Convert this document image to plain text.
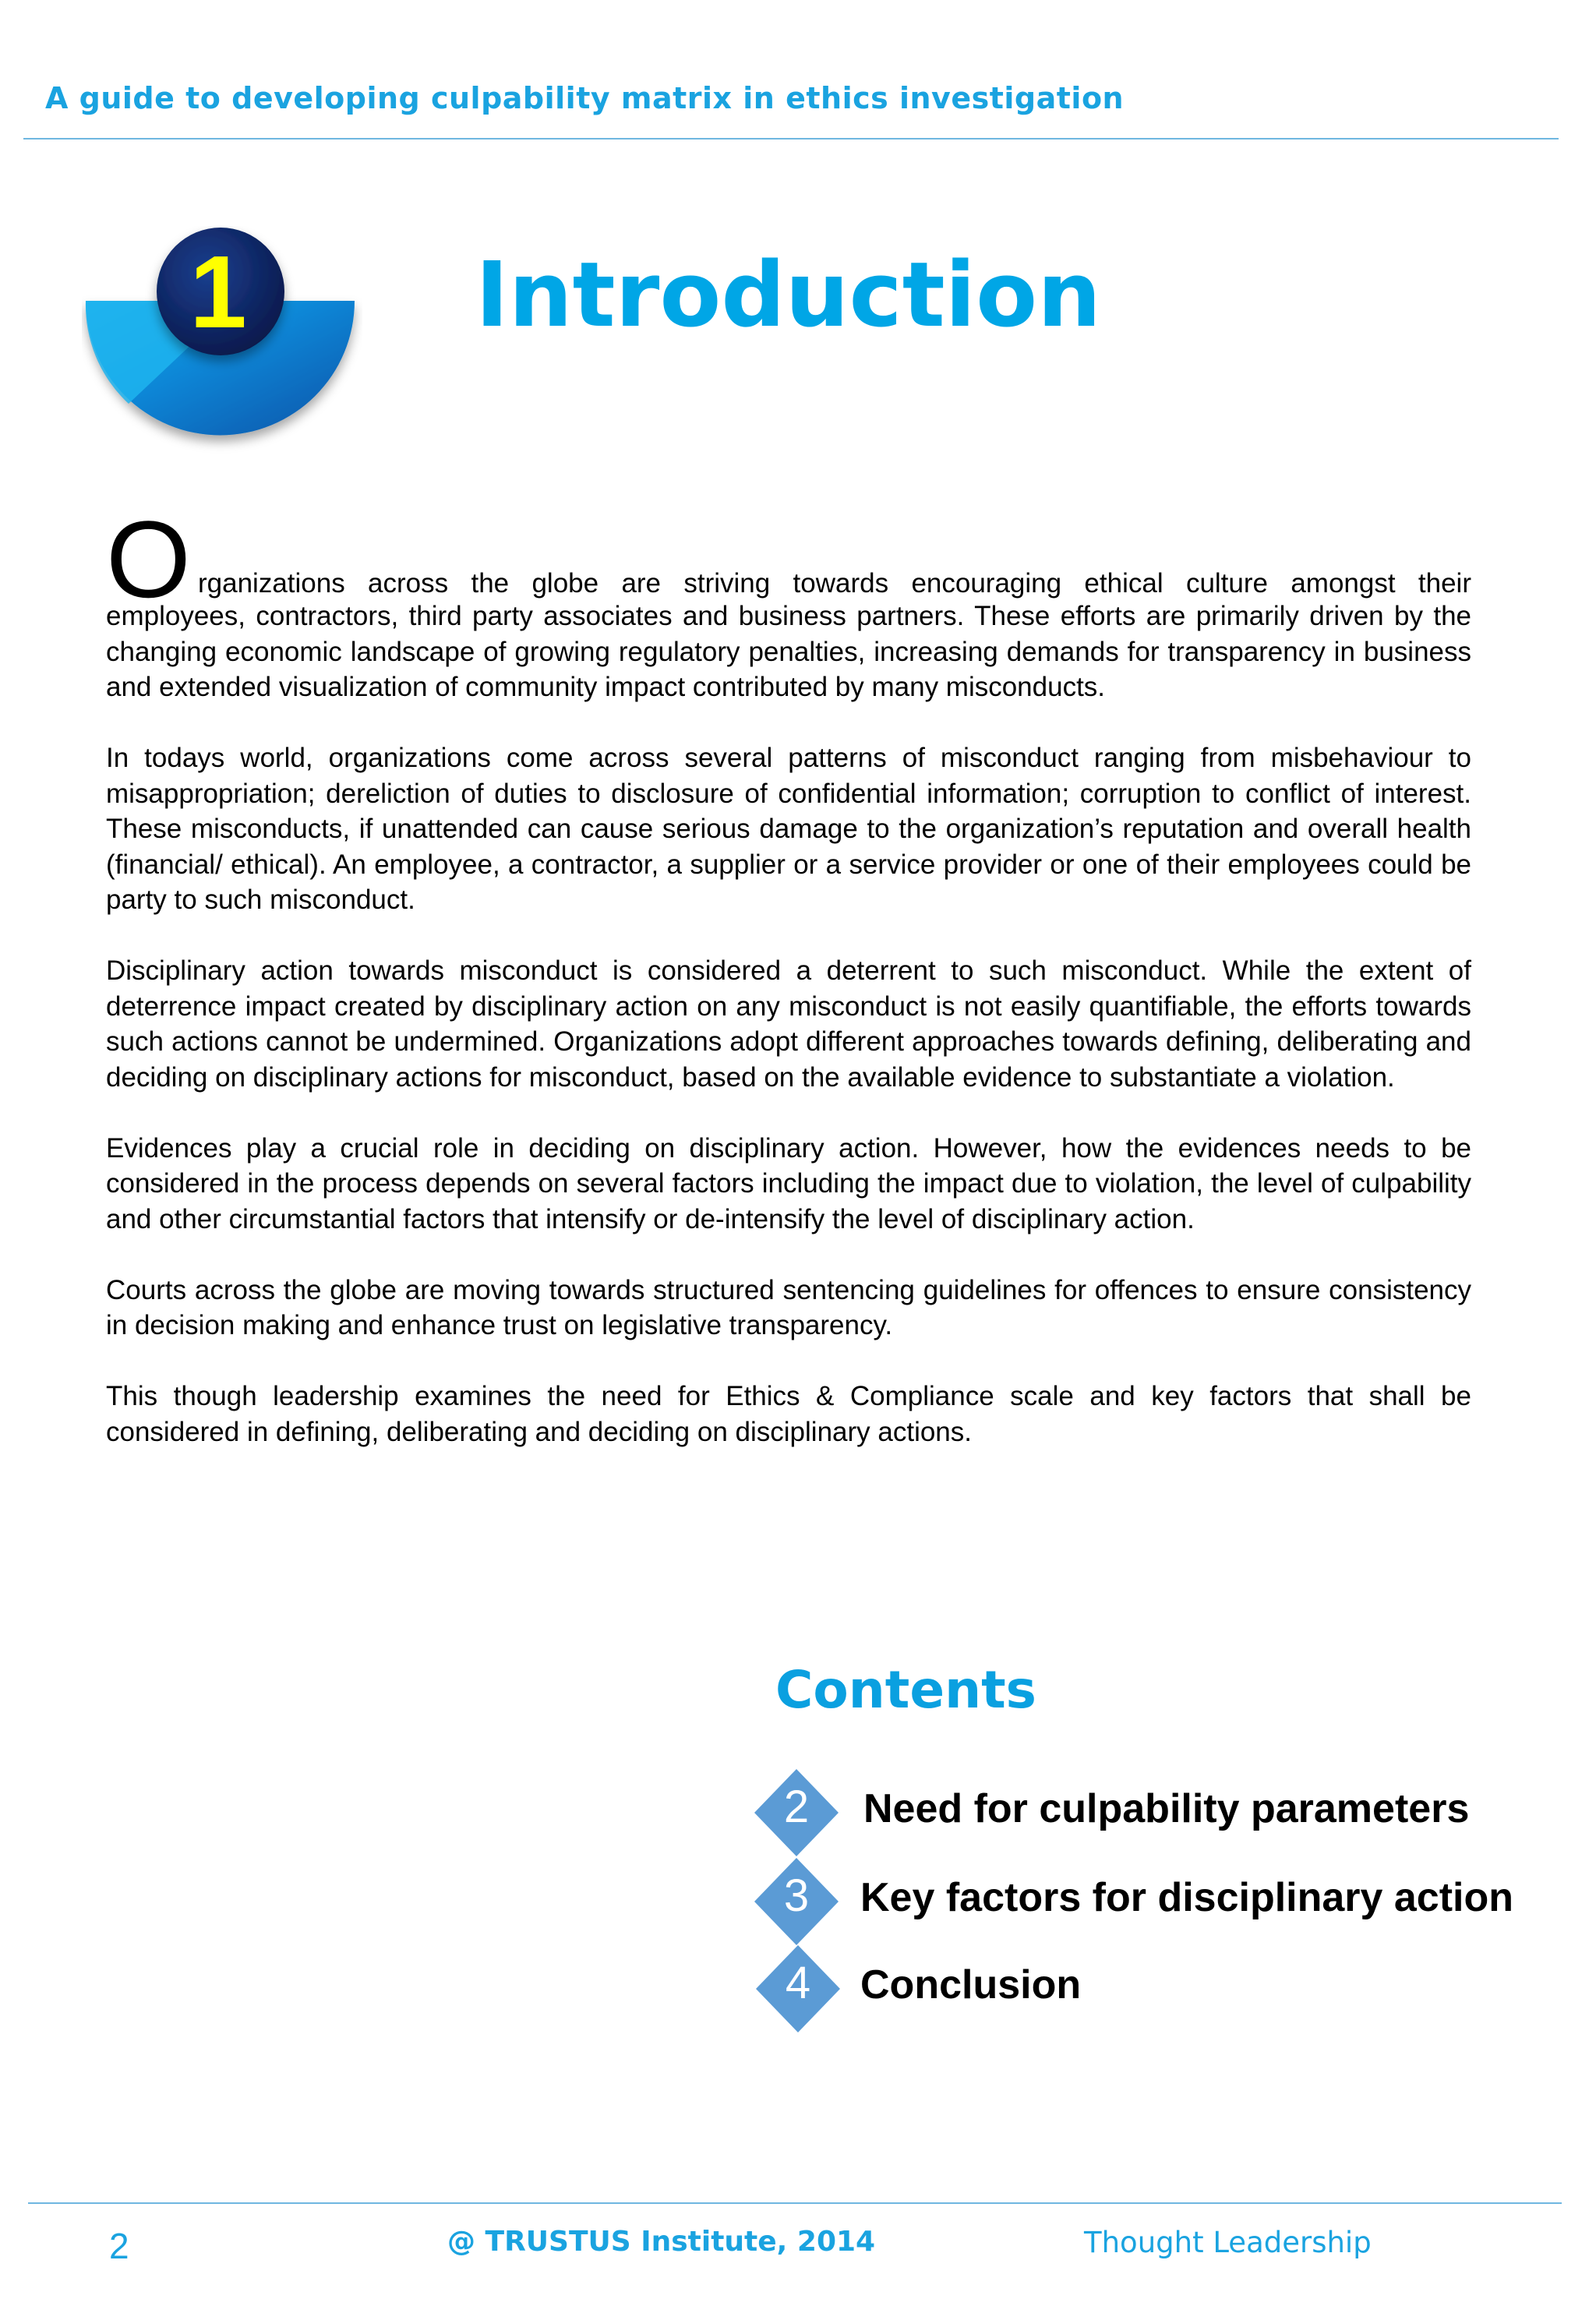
A guide to developing culpability matrix in ethics investigation
1	Introduction
O rganizations across the globe are striving towards encouraging ethical culture amongst their

employees, contractors, third party associates and business partners. These efforts are primarily driven by the changing economic landscape of growing regulatory penalties, increasing demands for transparency in business and extended visualization of community impact contributed by many misconducts.

In todays world, organizations come across several patterns of misconduct ranging from misbehaviour to misappropriation; dereliction of duties to disclosure of confidential information; corruption to conflict of interest. These misconducts, if unattended can cause serious damage to the organization’s reputation and overall health (financial/ ethical). An employee, a contractor, a supplier or a service provider or one of their employees could be party to such misconduct.

Disciplinary action towards misconduct is considered a deterrent to such misconduct. While the extent of deterrence impact created by disciplinary action on any misconduct is not easily quantifiable, the efforts towards such actions cannot be undermined. Organizations adopt different approaches towards defining, deliberating and deciding on disciplinary actions for misconduct, based on the available evidence to substantiate a violation.

Evidences play a crucial role in deciding on disciplinary action. However, how the evidences needs to be considered in the process depends on several factors including the impact due to violation, the level of culpability and other circumstantial factors that intensify or de-intensify the level of disciplinary action.

Courts across the globe are moving towards structured sentencing guidelines for offences to ensure consistency in decision making and enhance trust on legislative transparency.

This though leadership examines the need for Ethics & Compliance scale and key factors that shall be considered in defining, deliberating and deciding on disciplinary actions.

Contents
2	Need for culpability parameters
3	Key factors for disciplinary action
4	Conclusion
2	@ TRUSTUS Institute, 2014	Thought Leadership
